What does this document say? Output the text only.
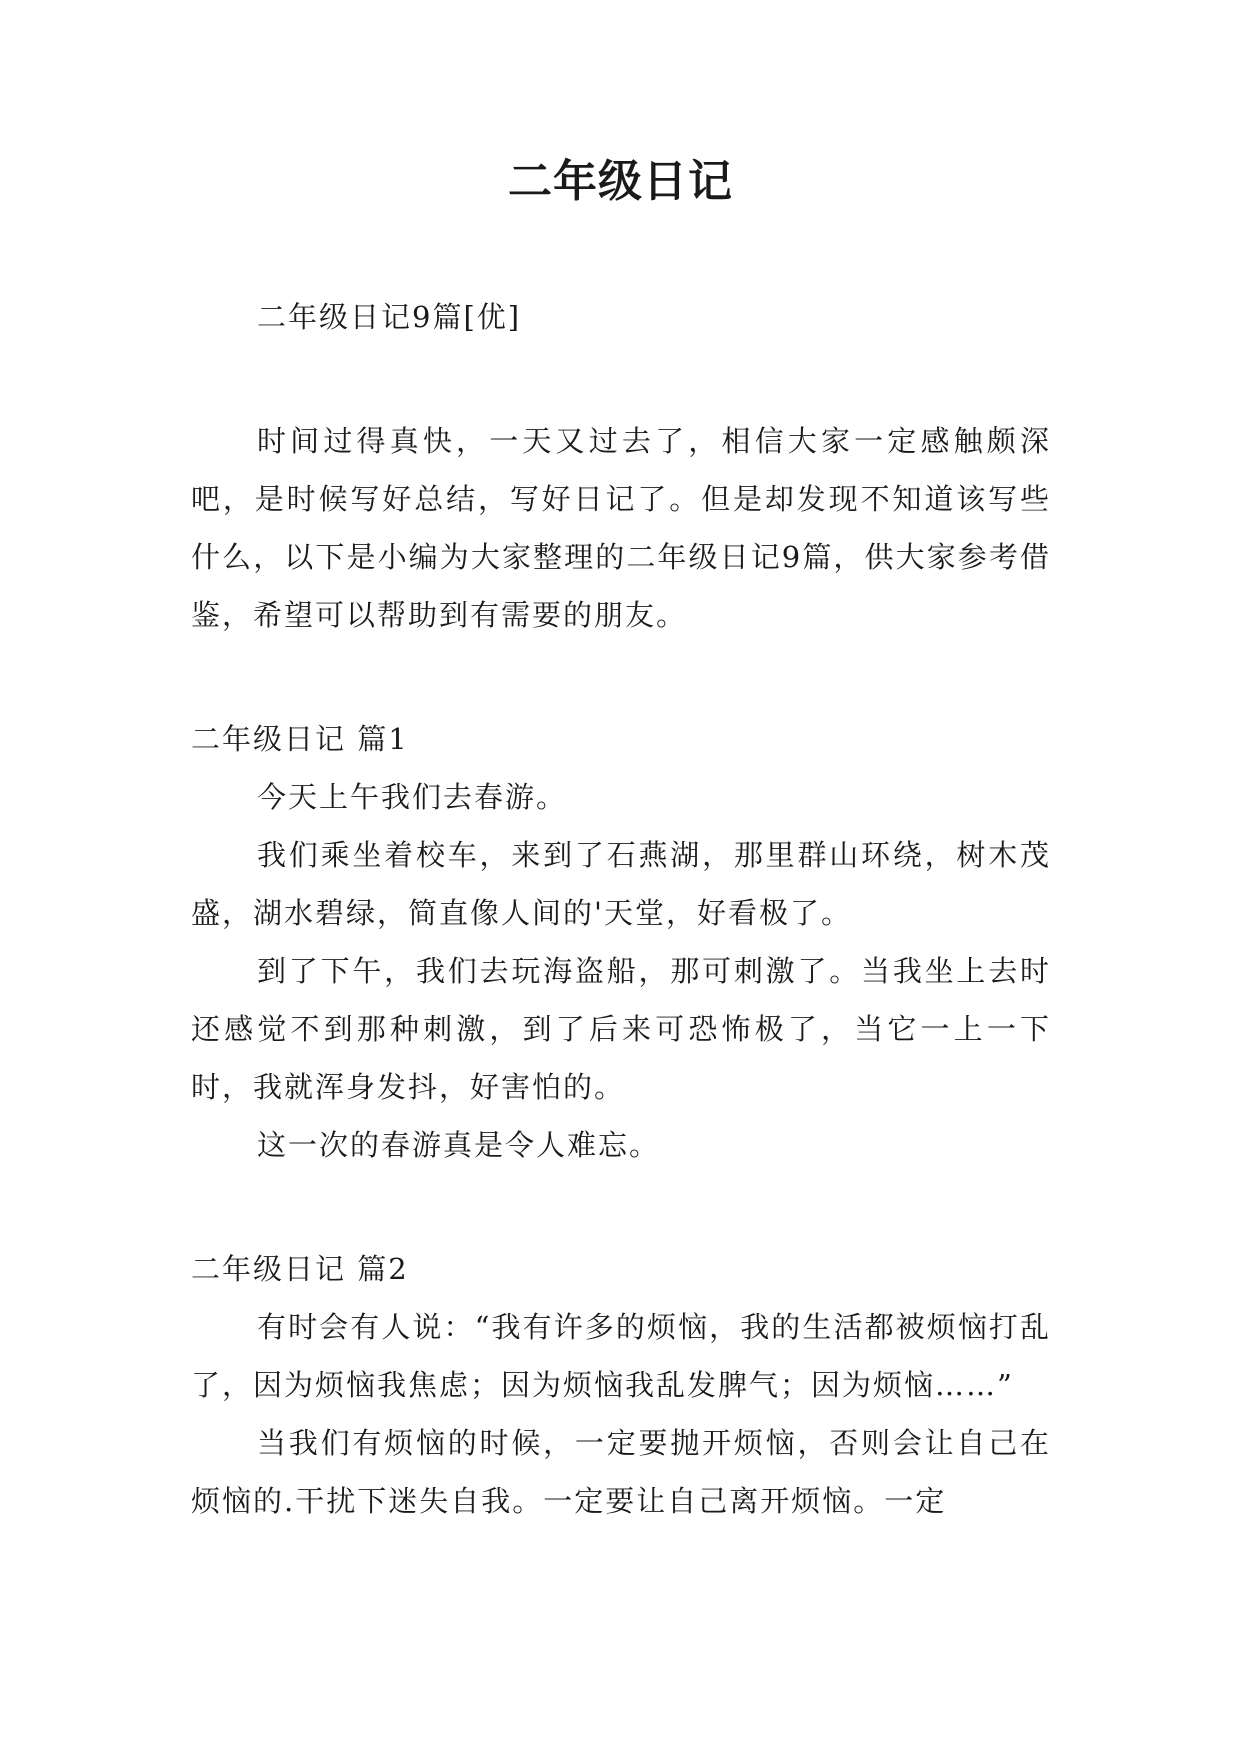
二年级日记

二年级日记9篇[优]

时间过得真快，一天又过去了，相信大家一定感触颇深吧，是时候写好总结，写好日记了。但是却发现不知道该写些什么，以下是小编为大家整理的二年级日记9篇，供大家参考借鉴，希望可以帮助到有需要的朋友。

二年级日记 篇1

今天上午我们去春游。

我们乘坐着校车，来到了石燕湖，那里群山环绕，树木茂盛，湖水碧绿，简直像人间的'天堂，好看极了。

到了下午，我们去玩海盗船，那可刺激了。当我坐上去时还感觉不到那种刺激，到了后来可恐怖极了，当它一上一下时，我就浑身发抖，好害怕的。

这一次的春游真是令人难忘。

二年级日记 篇2

有时会有人说：“我有许多的烦恼，我的生活都被烦恼打乱了，因为烦恼我焦虑；因为烦恼我乱发脾气；因为烦恼……”

当我们有烦恼的时候，一定要抛开烦恼，否则会让自己在烦恼的.干扰下迷失自我。一定要让自己离开烦恼。一定
